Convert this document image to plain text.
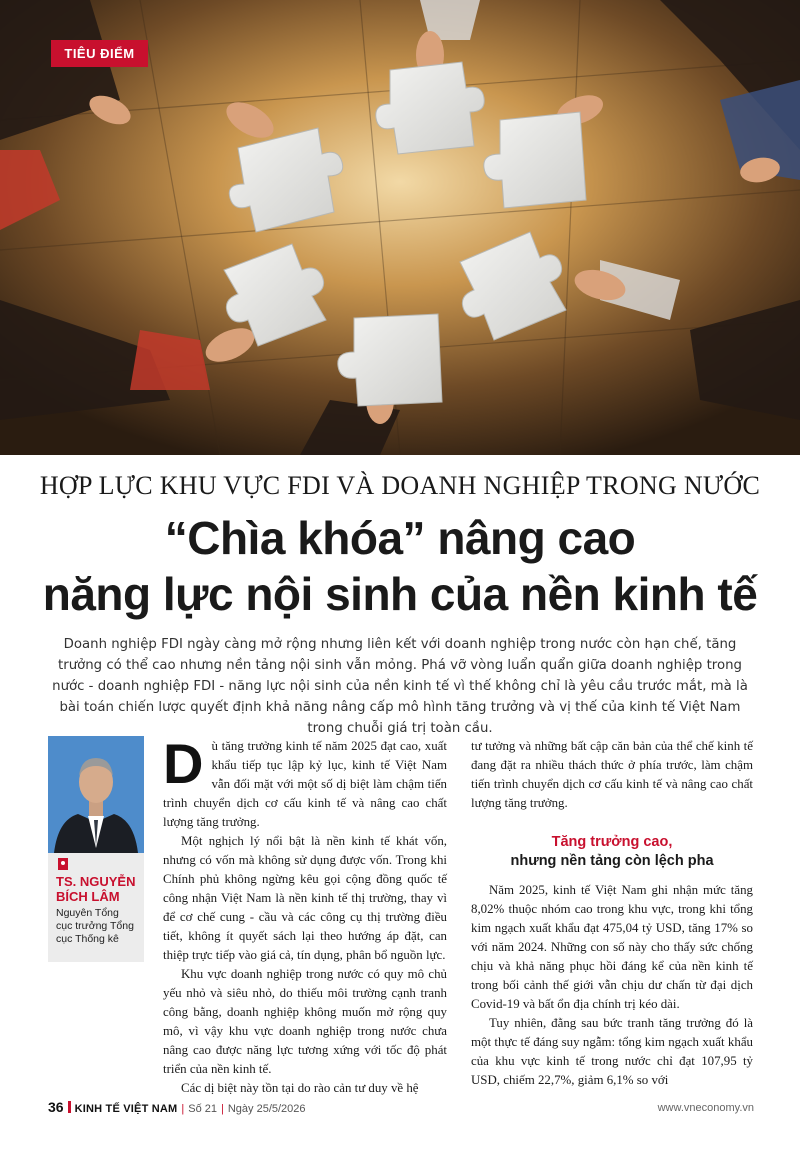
TIÊU ĐIỂM
HỢP LỰC KHU VỰC FDI VÀ DOANH NGHIỆP TRONG NƯỚC
“Chìa khóa” nâng cao
năng lực nội sinh của nền kinh tế
Doanh nghiệp FDI ngày càng mở rộng nhưng liên kết với doanh nghiệp trong nước còn hạn chế, tăng trưởng có thể cao nhưng nền tảng nội sinh vẫn mỏng. Phá vỡ vòng luẩn quẩn giữa doanh nghiệp trong nước - doanh nghiệp FDI - năng lực nội sinh của nền kinh tế vì thế không chỉ là yêu cầu trước mắt, mà là bài toán chiến lược quyết định khả năng nâng cấp mô hình tăng trưởng và vị thế của kinh tế Việt Nam trong chuỗi giá trị toàn cầu.
TS. NGUYỄN BÍCH LÂM
Nguyên Tổng cục trưởng Tổng cục Thống kê

Dù tăng trưởng kinh tế năm 2025 đạt cao, xuất khẩu tiếp tục lập kỷ lục, kinh tế Việt Nam vẫn đối mặt với một số dị biệt làm chậm tiến trình chuyển dịch cơ cấu kinh tế và nâng cao chất lượng tăng trưởng.

Một nghịch lý nổi bật là nền kinh tế khát vốn, nhưng có vốn mà không sử dụng được vốn. Trong khi Chính phủ không ngừng kêu gọi cộng đồng quốc tế công nhận Việt Nam là nền kinh tế thị trường, thay vì để cơ chế cung - cầu và các công cụ thị trường điều tiết, không ít quyết sách lại theo hướng áp đặt, can thiệp trực tiếp vào giá cả, tín dụng, phân bổ nguồn lực.

Khu vực doanh nghiệp trong nước có quy mô chủ yếu nhỏ và siêu nhỏ, do thiếu môi trường cạnh tranh công bằng, doanh nghiệp không muốn mở rộng quy mô, vì vậy khu vực doanh nghiệp trong nước chưa nâng cao được năng lực tương xứng với tốc độ phát triển của nền kinh tế.

Các dị biệt này tồn tại do rào cản tư duy về hệ

tư tưởng và những bất cập căn bản của thể chế kinh tế đang đặt ra nhiều thách thức ở phía trước, làm chậm tiến trình chuyển dịch cơ cấu kinh tế và nâng cao chất lượng tăng trưởng.

Tăng trưởng cao,
nhưng nền tảng còn lệch pha

Năm 2025, kinh tế Việt Nam ghi nhận mức tăng 8,02% thuộc nhóm cao trong khu vực, trong khi tổng kim ngạch xuất khẩu đạt 475,04 tỷ USD, tăng 17% so với năm 2024. Những con số này cho thấy sức chống chịu và khả năng phục hồi đáng kể của nền kinh tế trong bối cảnh thế giới vẫn chịu dư chấn từ đại dịch Covid-19 và bất ổn địa chính trị kéo dài.

Tuy nhiên, đằng sau bức tranh tăng trưởng đó là một thực tế đáng suy ngẫm: tổng kim ngạch xuất khẩu của khu vực kinh tế trong nước chỉ đạt 107,95 tỷ USD, chiếm 22,7%, giảm 6,1% so với

36 KINH TẾ VIỆT NAM | Số 21 | Ngày 25/5/2026	www.vneconomy.vn
